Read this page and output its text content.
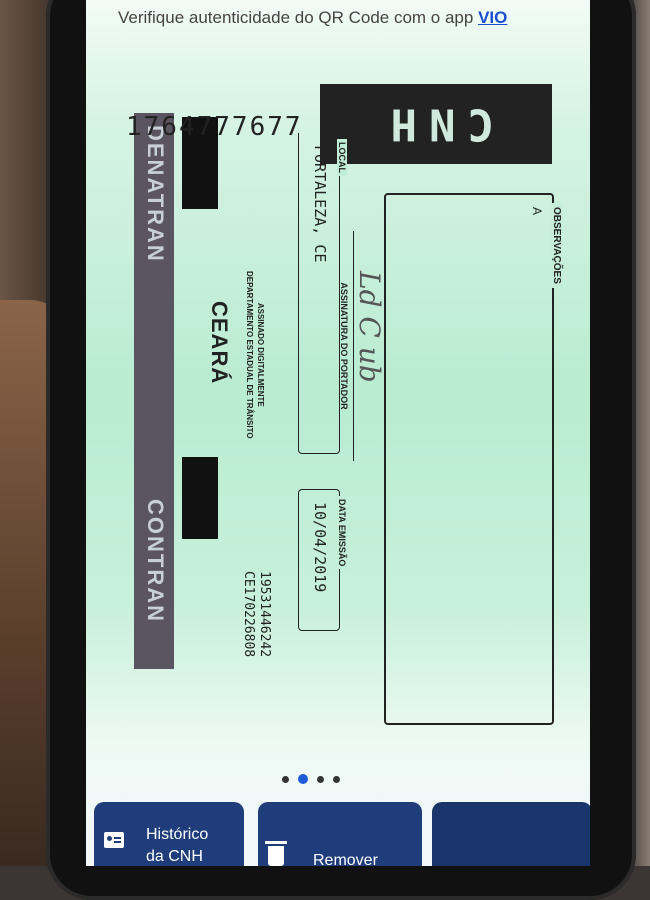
Verifique autenticidade do QR Code com o app VIO
CNH
OBSERVAÇÕES
A
Ld C ub
ASSINATURA DO PORTADOR
LOCAL
FORTALEZA, CE
DATA EMISSÃO
10/04/2019
ASSINADO DIGITALMENTE
DEPARTAMENTO ESTADUAL DE TRÂNSITO
CEARÁ
19531446242
CE170226808
DENATRAN
CONTRAN
1764777677
Histórico
da CNH	Remover
